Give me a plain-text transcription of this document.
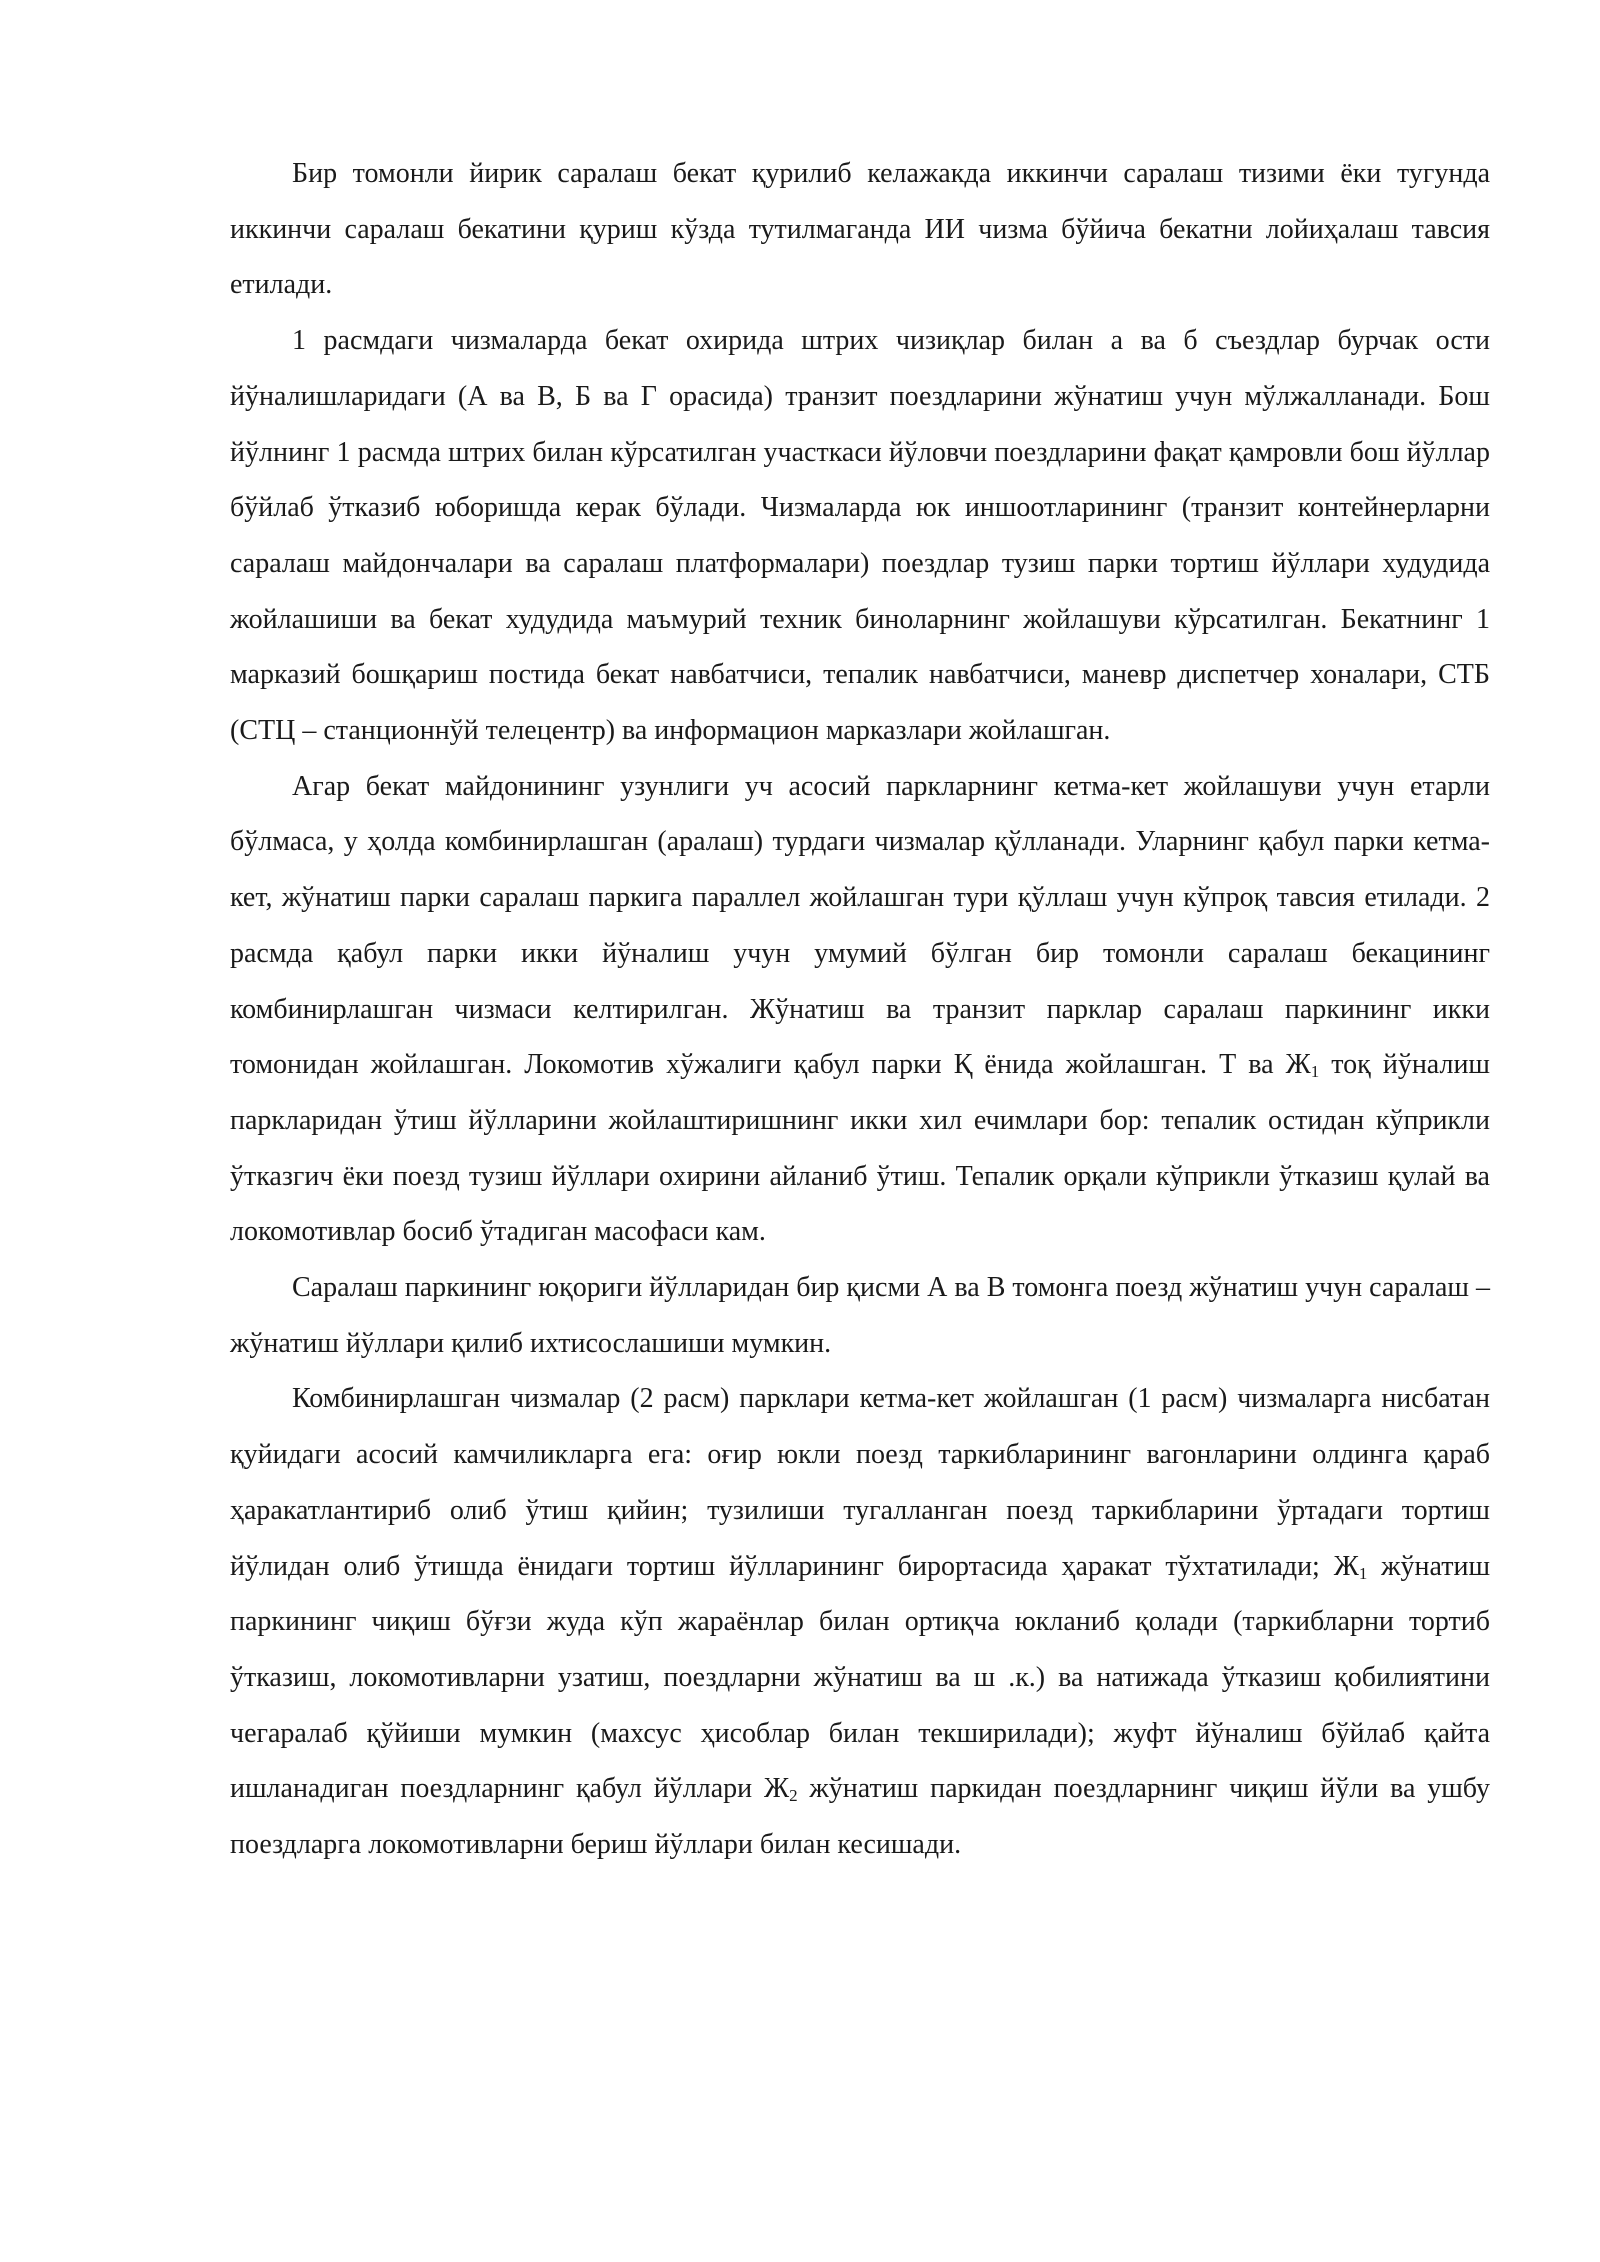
Бир томонли йирик саралаш бекат қурилиб келажакда иккинчи саралаш тизими ёки тугунда иккинчи саралаш бекатини қуриш кўзда тутилмаганда ИИ чизма бўйича бекатни лойиҳалаш тавсия етилади.

1 расмдаги чизмаларда бекат охирида штрих чизиқлар билан а ва б съездлар бурчак ости йўналишларидаги (А ва В, Б ва Г орасида) транзит поездларини жўнатиш учун мўлжалланади. Бош йўлнинг 1 расмда штрих билан кўрсатилган участкаси йўловчи поездларини фақат қамровли бош йўллар бўйлаб ўтказиб юборишда керак бўлади. Чизмаларда юк иншоотларининг (транзит контейнерларни саралаш майдончалари ва саралаш платформалари) поездлар тузиш парки тортиш йўллари худудида жойлашиши ва бекат худудида маъмурий техник биноларнинг жойлашуви кўрсатилган. Бекатнинг 1 марказий бошқариш постида бекат навбатчиси, тепалик навбатчиси, маневр диспетчер хоналари, СТБ (СТЦ – станционнўй телецентр) ва информацион марказлари жойлашган.

Агар бекат майдонининг узунлиги уч асосий паркларнинг кетма-кет жойлашуви учун етарли бўлмаса, у ҳолда комбинирлашган (аралаш) турдаги чизмалар қўлланади. Уларнинг қабул парки кетма-кет, жўнатиш парки саралаш паркига параллел жойлашган тури қўллаш учун кўпроқ тавсия етилади. 2 расмда қабул парки икки йўналиш учун умумий бўлган бир томонли саралаш бекацининг комбинирлашган чизмаси келтирилган. Жўнатиш ва транзит парклар саралаш паркининг икки томонидан жойлашган. Локомотив хўжалиги қабул парки Қ ёнида жойлашган. Т ва $Ж_1$ тоқ йўналиш паркларидан ўтиш йўлларини жойлаштиришнинг икки хил ечимлари бор: тепалик остидан кўприкли ўтказгич ёки поезд тузиш йўллари охирини айланиб ўтиш. Тепалик орқали кўприкли ўтказиш қулай ва локомотивлар босиб ўтадиган масофаси кам.

Саралаш паркининг юқориги йўлларидан бир қисми А ва В томонга поезд жўнатиш учун саралаш – жўнатиш йўллари қилиб ихтисослашиши мумкин.

Комбинирлашган чизмалар (2 расм) парклари кетма-кет жойлашган (1 расм) чизмаларга нисбатан қуйидаги асосий камчиликларга ега: оғир юкли поезд таркибларининг вагонларини олдинга қараб ҳаракатлантириб олиб ўтиш қийин; тузилиши тугалланган поезд таркибларини ўртадаги тортиш йўлидан олиб ўтишда ёнидаги тортиш йўлларининг бирортасида ҳаракат тўхтатилади; $Ж_1$ жўнатиш паркининг чиқиш бўғзи жуда кўп жараёнлар билан ортиқча юкланиб қолади (таркибларни тортиб ўтказиш, локомотивларни узатиш, поездларни жўнатиш ва ш .к.) ва натижада ўтказиш қобилиятини чегаралаб қўйиши мумкин (махсус ҳисоблар билан текширилади); жуфт йўналиш бўйлаб қайта ишланадиган поездларнинг қабул йўллари $Ж_2$ жўнатиш паркидан поездларнинг чиқиш йўли ва ушбу поездларга локомотивларни бериш йўллари билан кесишади.
